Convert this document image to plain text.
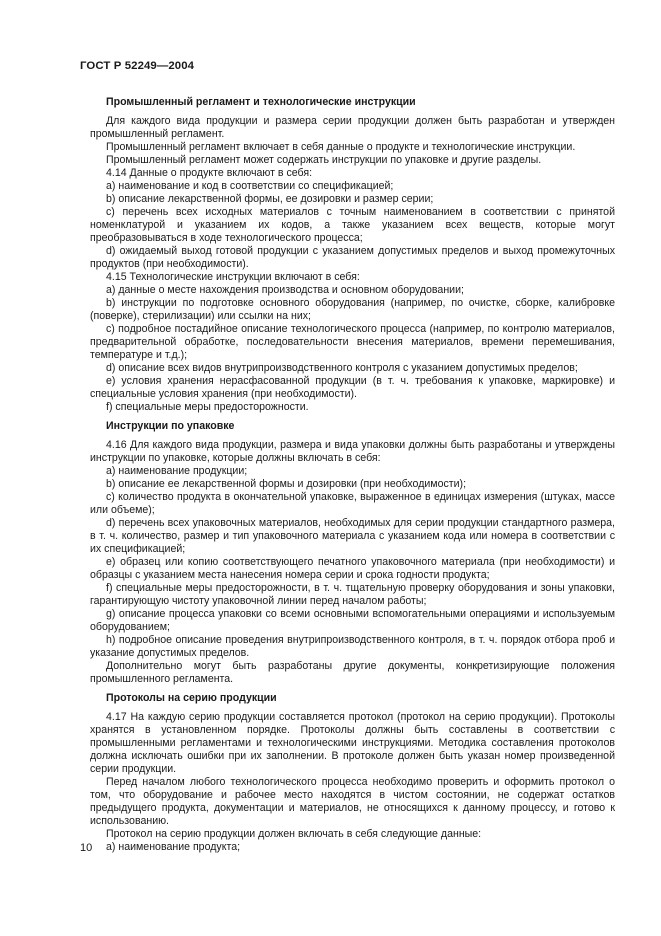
ГОСТ Р 52249—2004
Промышленный регламент и технологические инструкции

Для каждого вида продукции и размера серии продукции должен быть разработан и утвержден промышленный регламент.

Промышленный регламент включает в себя данные о продукте и технологические инструкции.

Промышленный регламент может содержать инструкции по упаковке и другие разделы.

4.14 Данные о продукте включают в себя:

a) наименование и код в соответствии со спецификацией;

b) описание лекарственной формы, ее дозировки и размер серии;

c) перечень всех исходных материалов с точным наименованием в соответствии с принятой номенклатурой и указанием их кодов, а также указанием всех веществ, которые могут преобразовываться в ходе технологического процесса;

d) ожидаемый выход готовой продукции с указанием допустимых пределов и выход промежуточных продуктов (при необходимости).

4.15 Технологические инструкции включают в себя:

a) данные о месте нахождения производства и основном оборудовании;

b) инструкции по подготовке основного оборудования (например, по очистке, сборке, калибровке (поверке), стерилизации) или ссылки на них;

c) подробное постадийное описание технологического процесса (например, по контролю материалов, предварительной обработке, последовательности внесения материалов, времени перемешивания, температуре и т.д.);

d) описание всех видов внутрипроизводственного контроля с указанием допустимых пределов;

e) условия хранения нерасфасованной продукции (в т. ч. требования к упаковке, маркировке) и специальные условия хранения (при необходимости).

f) специальные меры предосторожности.

Инструкции по упаковке

4.16 Для каждого вида продукции, размера и вида упаковки должны быть разработаны и утверждены инструкции по упаковке, которые должны включать в себя:

a) наименование продукции;

b) описание ее лекарственной формы и дозировки (при необходимости);

c) количество продукта в окончательной упаковке, выраженное в единицах измерения (штуках, массе или объеме);

d) перечень всех упаковочных материалов, необходимых для серии продукции стандартного размера, в т. ч. количество, размер и тип упаковочного материала с указанием кода или номера в соответствии с их спецификацией;

e) образец или копию соответствующего печатного упаковочного материала (при необходимости) и образцы с указанием места нанесения номера серии и срока годности продукта;

f) специальные меры предосторожности, в т. ч. тщательную проверку оборудования и зоны упаковки, гарантирующую чистоту упаковочной линии перед началом работы;

g) описание процесса упаковки со всеми основными вспомогательными операциями и используемым оборудованием;

h) подробное описание проведения внутрипроизводственного контроля, в т. ч. порядок отбора проб и указание допустимых пределов.

Дополнительно могут быть разработаны другие документы, конкретизирующие положения промышленного регламента.

Протоколы на серию продукции

4.17 На каждую серию продукции составляется протокол (протокол на серию продукции). Протоколы хранятся в установленном порядке. Протоколы должны быть составлены в соответствии с промышленными регламентами и технологическими инструкциями. Методика составления протоколов должна исключать ошибки при их заполнении. В протоколе должен быть указан номер произведенной серии продукции.

Перед началом любого технологического процесса необходимо проверить и оформить протокол о том, что оборудование и рабочее место находятся в чистом состоянии, не содержат остатков предыдущего продукта, документации и материалов, не относящихся к данному процессу, и готово к использованию.

Протокол на серию продукции должен включать в себя следующие данные:

a) наименование продукта;

10
